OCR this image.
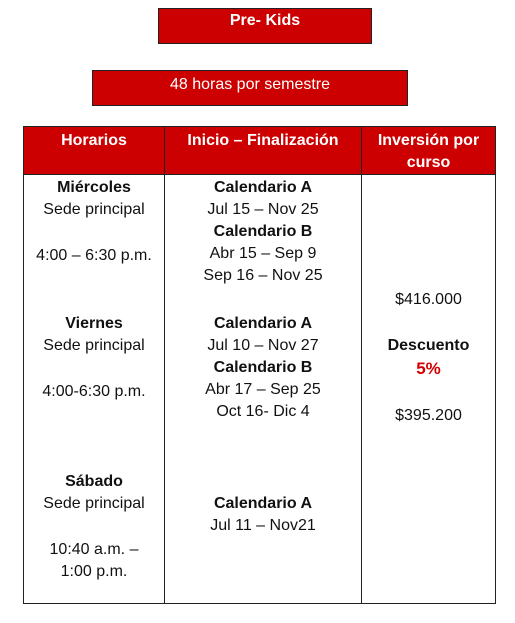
Pre- Kids
48 horas por semestre
Horarios
Miércoles
Sede principal
4:00 – 6:30 p.m.
Viernes
Sede principal
4:00-6:30 p.m.
Sábado
Sede principal
10:40 a.m. –
1:00 p.m.
Inicio – Finalización
Calendario A
Jul 15 – Nov 25
Calendario B
Abr 15 – Sep 9
Sep 16 – Nov 25
Calendario A
Jul 10 – Nov 27
Calendario B
Abr 17 – Sep 25
Oct 16- Dic 4
Calendario A
Jul 11 – Nov21
Inversión por
curso
$416.000
Descuento
5%
$395.200
